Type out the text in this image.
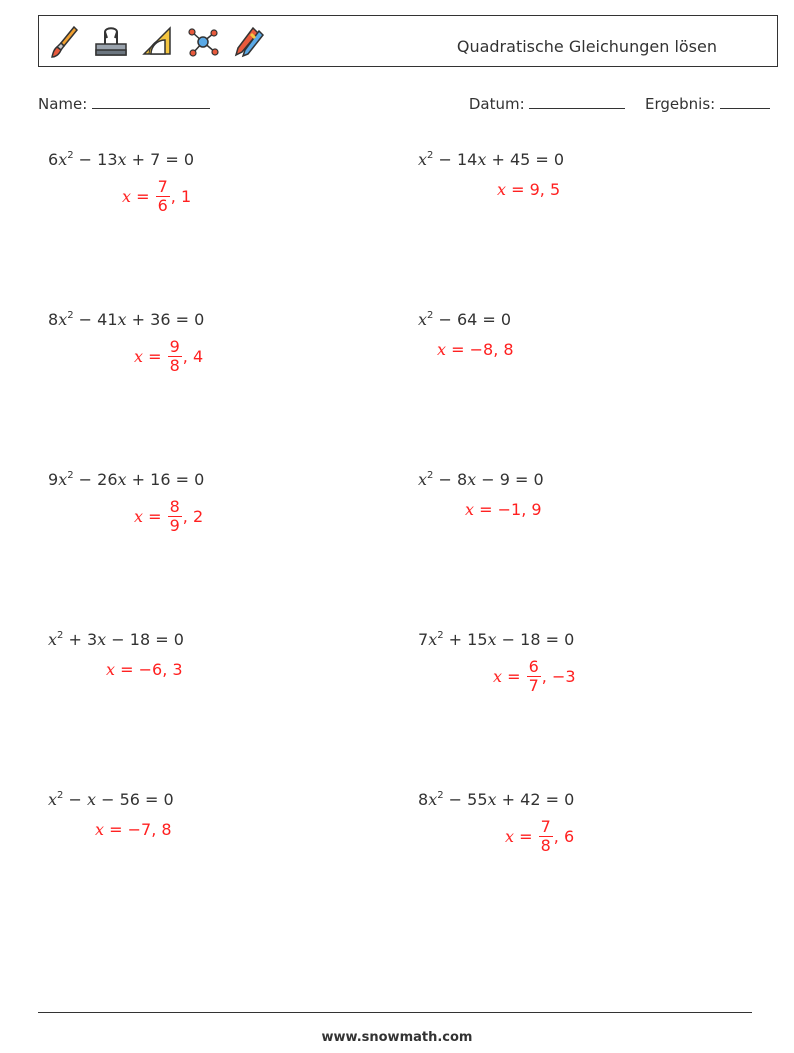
Quadratische Gleichungen lösen
Name:	Datum:	Ergebnis:
$6x^2 - 13x + 7 = 0$
$x = \frac{7}{6}$ , 1
$x^2 - 14x + 45 = 0$
x = 9, 5
$8x^2 - 41x + 36 = 0$
$x = \frac{9}{8}$ , 4
$x^2 - 64 = 0$
x = −8, 8
$9x^2 - 26x + 16 = 0$
$x = \frac{8}{9}$ , 2
$x^2 - 8x - 9 = 0$
x = −1, 9
$x^2 + 3x - 18 = 0$
x = −6, 3
$7x^2 + 15x - 18 = 0$
$x = \frac{6}{7}$ , −3
$x^2 - x - 56 = 0$
x = −7, 8
$8x^2 - 55x + 42 = 0$
$x = \frac{7}{8}$ , 6
www.snowmath.com
